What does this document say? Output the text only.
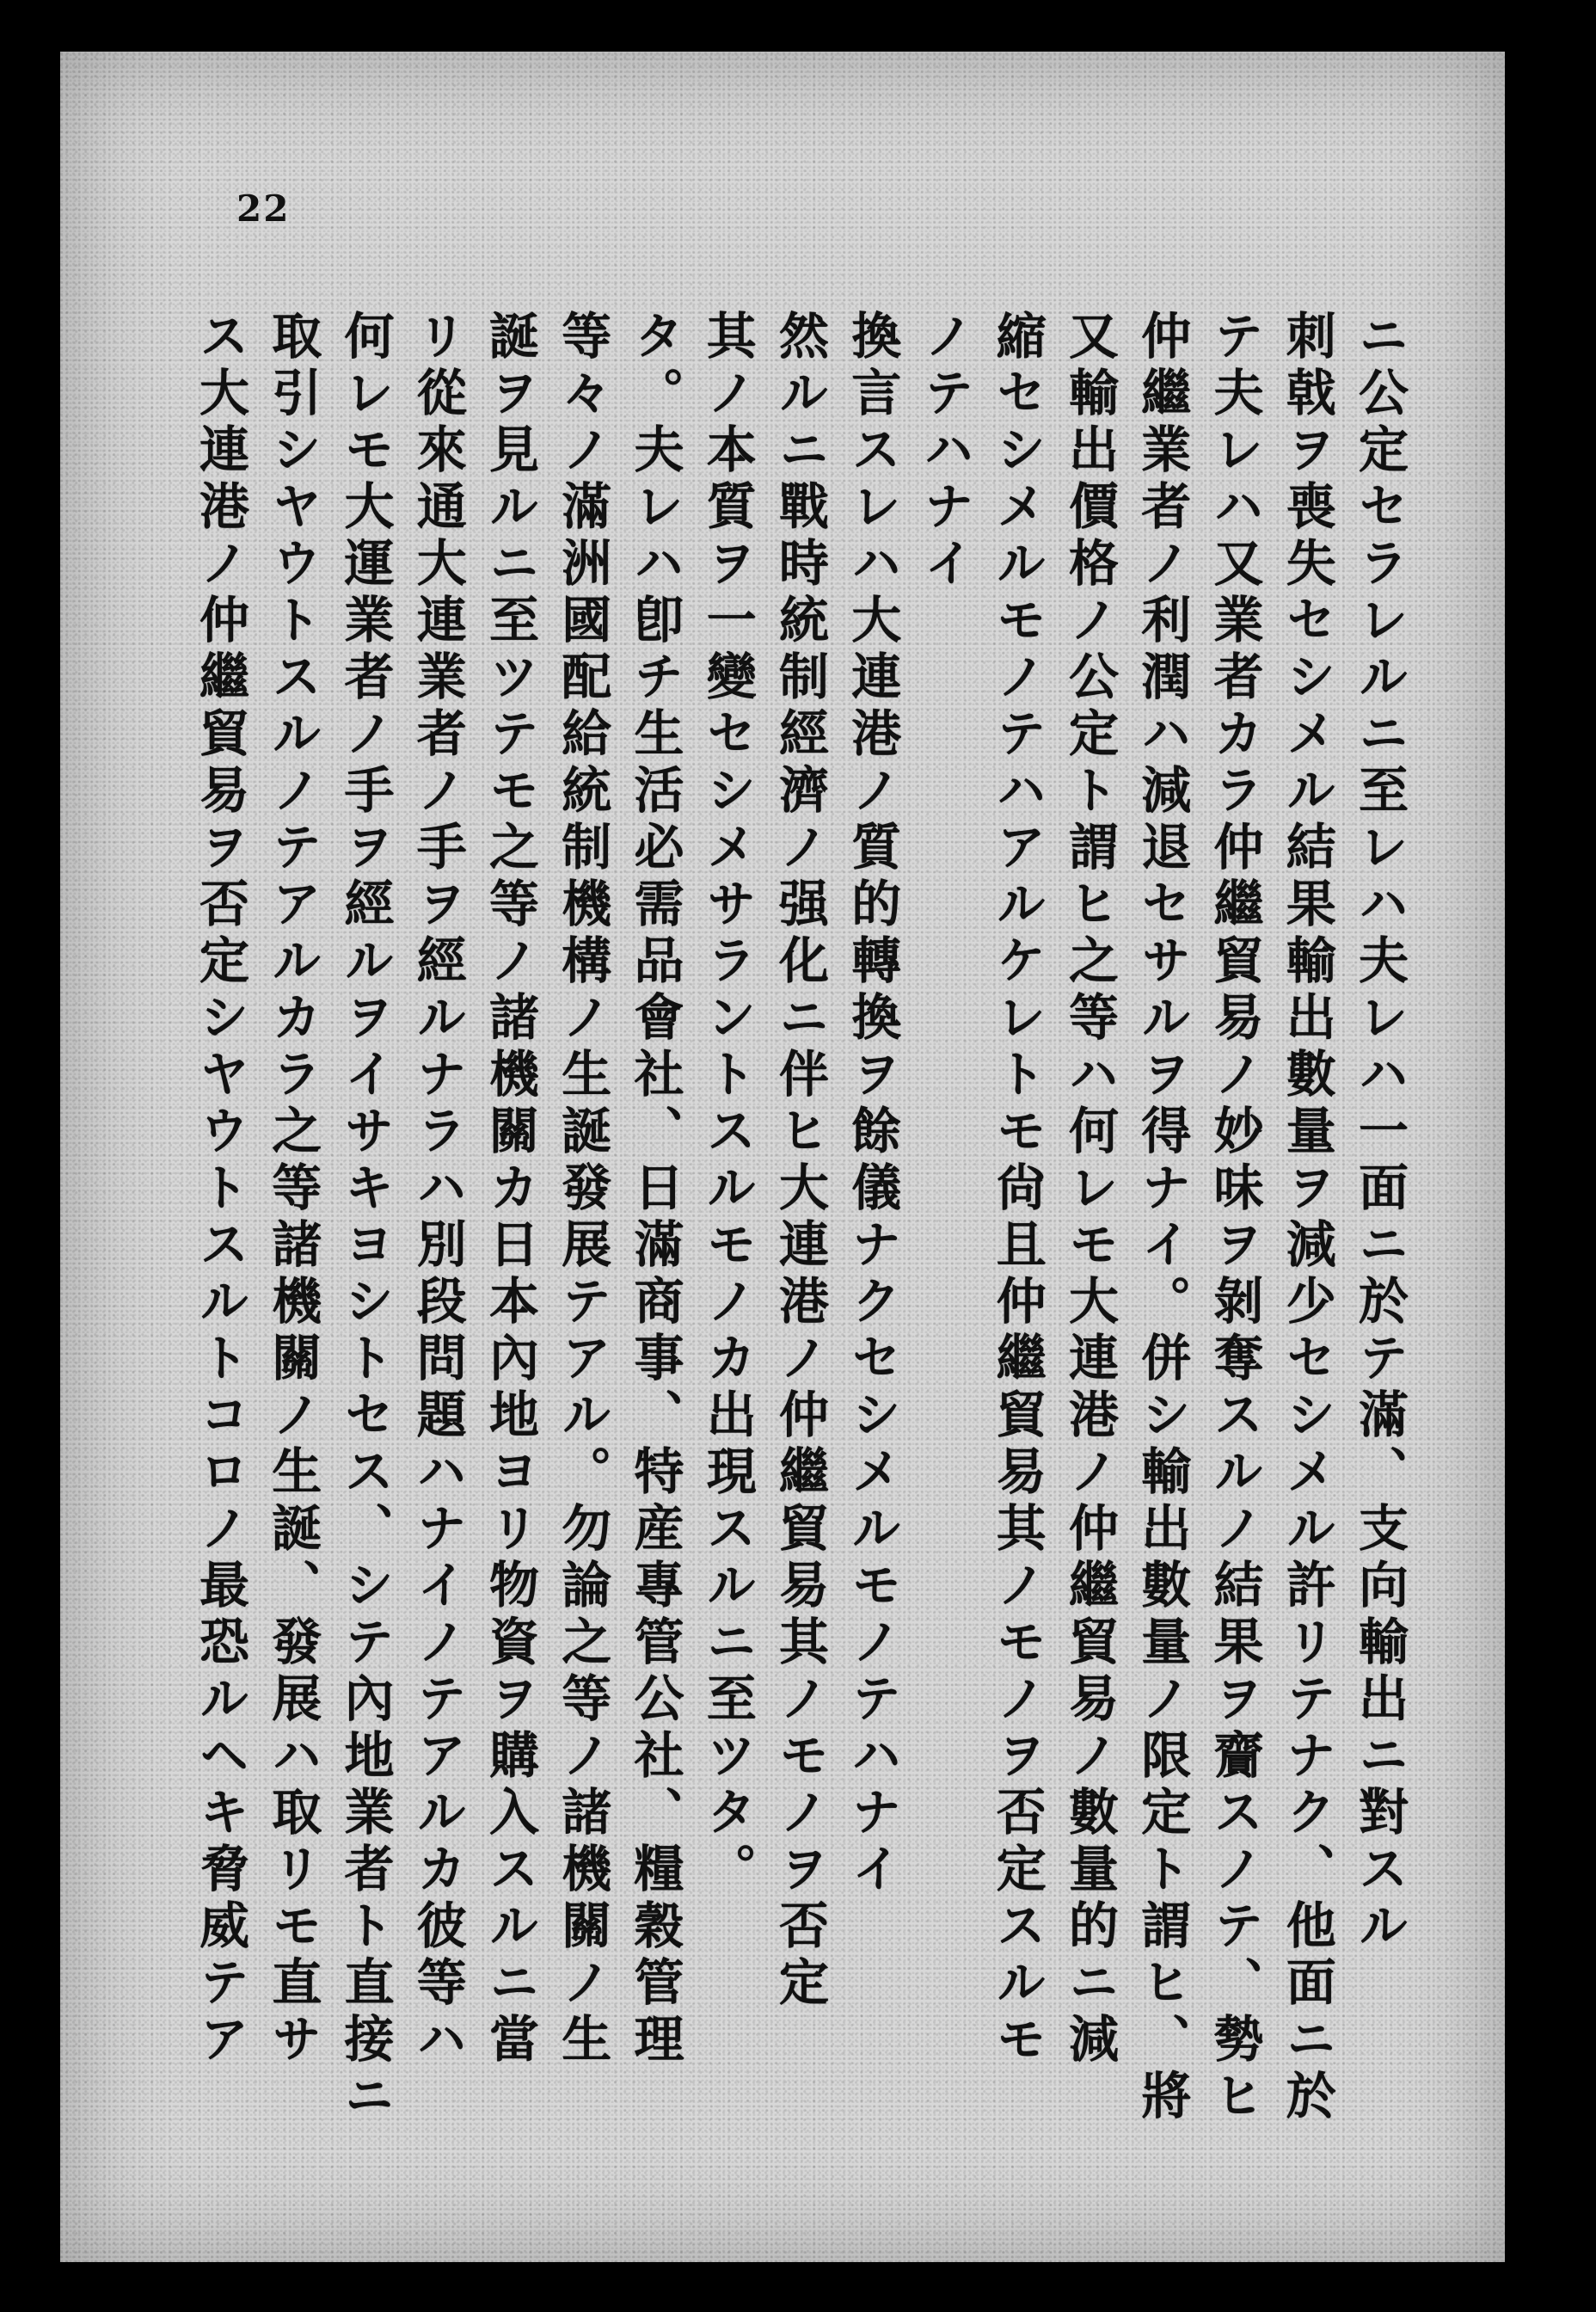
22
ニ公定セラレルニ至レハ夫レハ一面ニ於テ滿、支向輸出ニ對スル
刺戟ヲ喪失セシメル結果輸出數量ヲ減少セシメル許リテナク、他面ニ於
テ夫レハ又業者カラ仲繼貿易ノ妙味ヲ剝奪スルノ結果ヲ齎スノテ、勢ヒ
仲繼業者ノ利潤ハ減退セサルヲ得ナイ。併シ輸出數量ノ限定ト謂ヒ、將
又輸出價格ノ公定ト謂ヒ之等ハ何レモ大連港ノ仲繼貿易ノ數量的ニ減
縮セシメルモノテハアルケレトモ尙且仲繼貿易其ノモノヲ否定スルモ
ノテハナイ
換言スレハ大連港ノ質的轉換ヲ餘儀ナクセシメルモノテハナイ
然ルニ戰時統制經濟ノ强化ニ伴ヒ大連港ノ仲繼貿易其ノモノヲ否定
其ノ本質ヲ一變セシメサラントスルモノカ出現スルニ至ツタ。
タ。夫レハ卽チ生活必需品會社、日滿商事、特産專管公社、糧穀管理
等々ノ滿洲國配給統制機構ノ生誕發展テアル。勿論之等ノ諸機關ノ生
誕ヲ見ルニ至ツテモ之等ノ諸機關カ日本內地ヨリ物資ヲ購入スルニ當
リ從來通大連業者ノ手ヲ經ルナラハ別段問題ハナイノテアルカ彼等ハ
何レモ大運業者ノ手ヲ經ルヲイサキヨシトセス、シテ內地業者ト直接ニ
取引シヤウトスルノテアルカラ之等諸機關ノ生誕、發展ハ取リモ直サ
ス大連港ノ仲繼貿易ヲ否定シヤウトスルトコロノ最恐ルヘキ脅威テア
